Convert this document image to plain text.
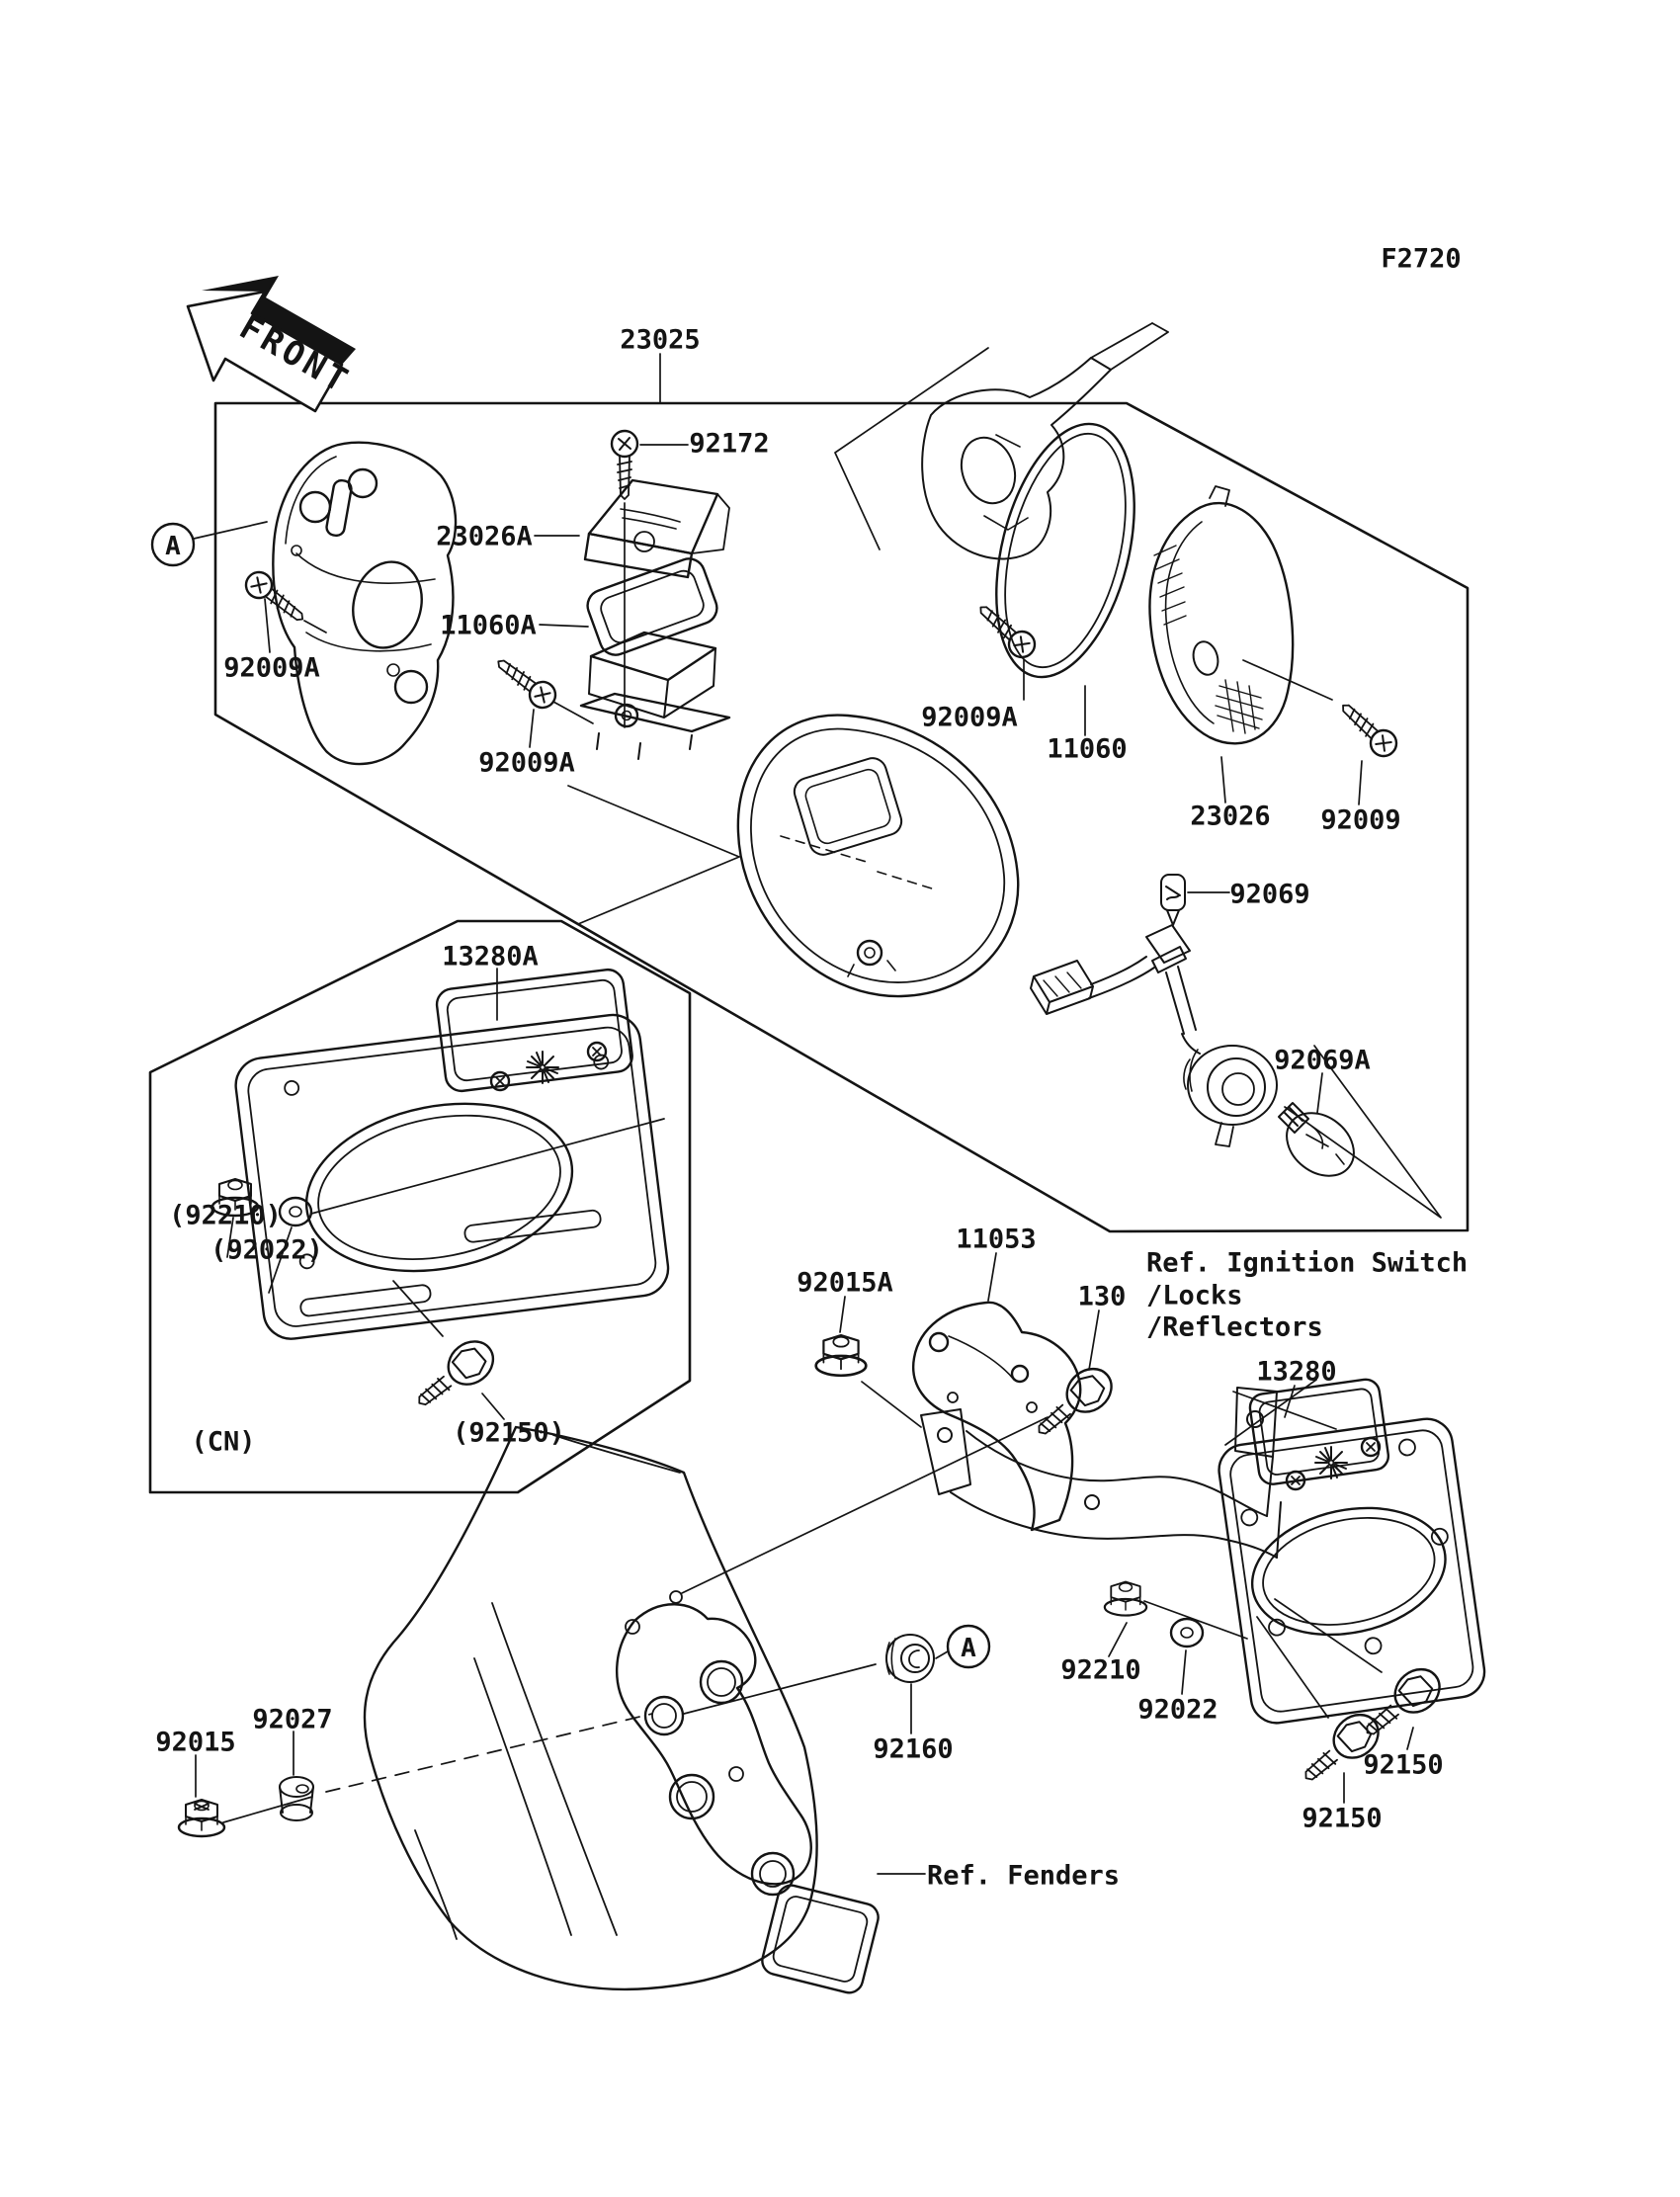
FRONT
F2720
23025
92172
23026A
11060A
92009A
92009A
92009A
11060
23026 92009
92069
92069A
13280A
(92210)
(92022)
(92150)
(CN)
92015A
11053
130
13280
92210
92022
92150
92150
92160
92027
92015
Ref. Ignition Switch
/Locks
/Reflectors
Ref. Fenders
A
A
